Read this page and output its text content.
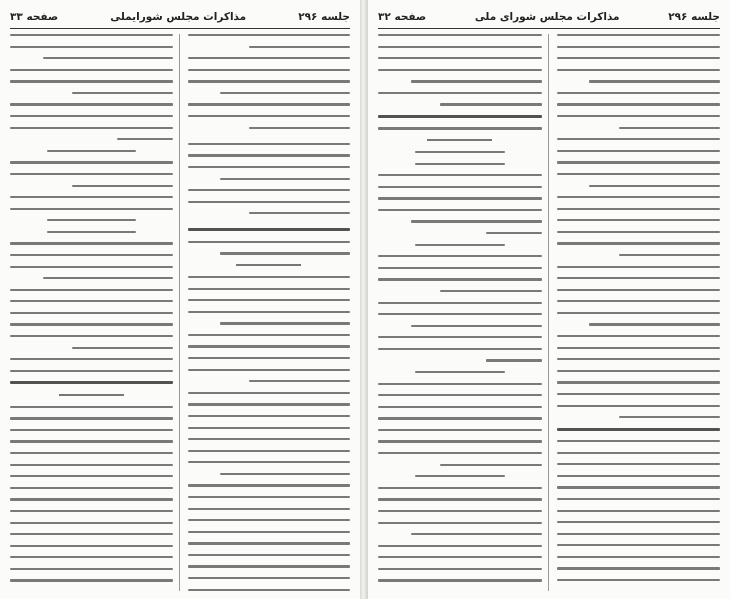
جلسه ۲۹۶
مذاکرات مجلس شورایملی
صفحه ۳۳	جلسه ۲۹۶
مذاکرات مجلس شورای ملی
صفحه ۳۲
